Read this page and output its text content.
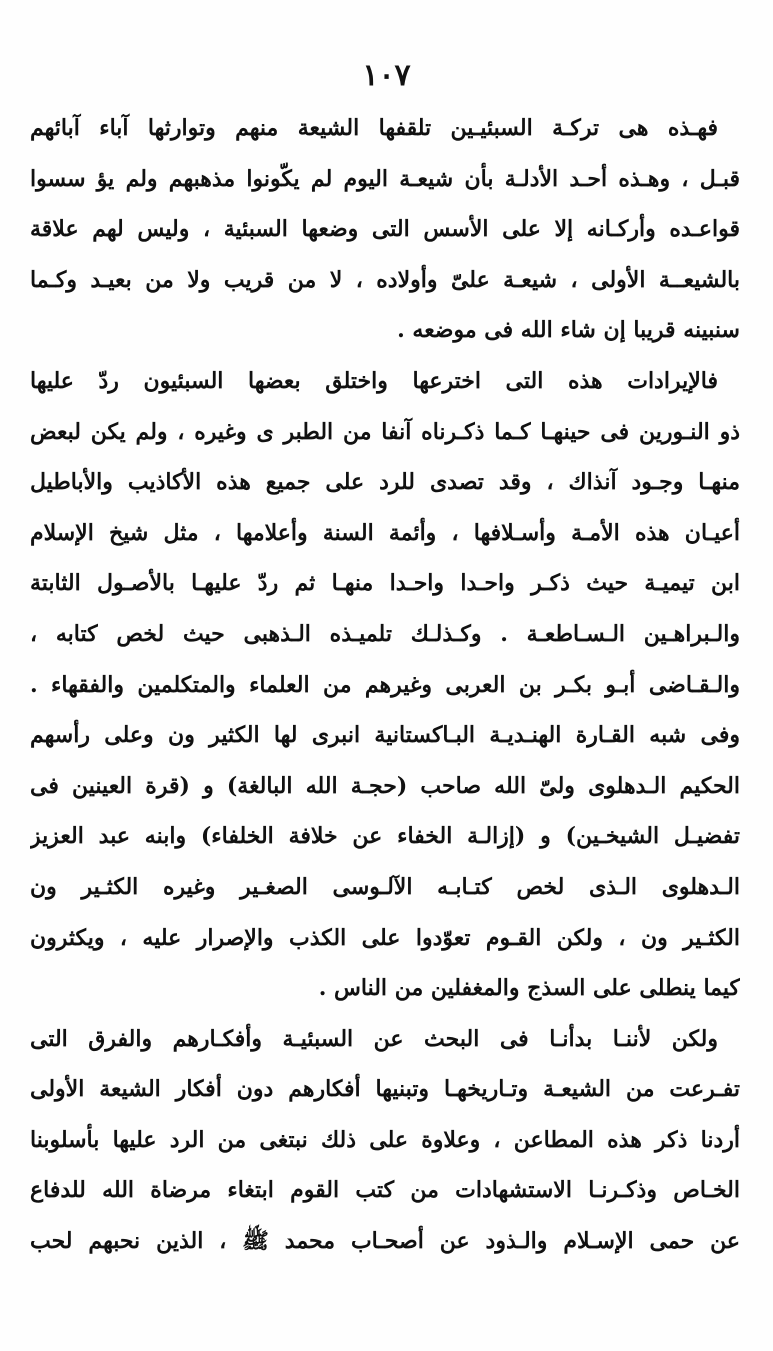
١٠٧
فهـذه هى تركـة السبئيـين تلقفها الشيعة منهم وتوارثها آباء آبائهم
قبـل ، وهـذه أحـد الأدلـة بأن شيعـة اليوم لم يكّونوا مذهبهم ولم يؤ سسوا
قواعـده وأركـانه إلا على الأسس التى وضعها السبئية ، وليس لهم علاقة
بالشيعــة الأولى ، شيعـة علىّ وأولاده ، لا من قريب ولا من بعيـد وكـما
سنبينه قريبا إن شاء الله فى موضعه .
فالإيرادات هذه التى اخترعها واختلق بعضها السبئيون ردّ عليها
ذو النـورين فى حينهـا كـما ذكـرناه آنفا من الطبر ى وغيره ، ولم يكن لبعض
منهـا وجـود آنذاك ، وقد تصدى للرد على جميع هذه الأكاذيب والأباطيل
أعيـان هذه الأمـة وأسـلافها ، وأئمة السنة وأعلامها ، مثل شيخ الإسلام
ابن تيميـة حيث ذكـر واحـدا واحـدا منهـا ثم ردّ عليهـا بالأصـول الثابتة
والـبراهـين الـسـاطعـة . وكـذلـك تلميـذه الـذهبى حيث لخص كتابه ،
والـقـاضى أبـو بكـر بن العربى وغيرهم من العلماء والمتكلمين والفقهاء .
وفى شبه القـارة الهنـديـة البـاكستانية انبرى لها الكثير ون وعلى رأسهم
الحكيم الـدهلوى ولىّ الله صاحب (حجـة الله البالغة) و (قرة العينين فى
تفضيـل الشيخـين) و (إزالـة الخفاء عن خلافة الخلفاء) وابنه عبد العزيز
الـدهلوى الـذى لخص كتـابـه الآلـوسى الصغـير وغيره الكثـير ون
الكثـير ون ، ولكن القـوم تعوّدوا على الكذب والإصرار عليه ، ويكثرون
كيما ينطلى على السذج والمغفلين من الناس .
ولكن لأننـا بدأنـا فى البحث عن السبئيـة وأفكـارهم والفرق التى
تفـرعت من الشيعـة وتـاريخهـا وتبنيها أفكارهم دون أفكار الشيعة الأولى
أردنا ذكر هذه المطاعن ، وعلاوة على ذلك نبتغى من الرد عليها بأسلوبنا
الخـاص وذكـرنـا الاستشهادات من كتب القوم ابتغاء مرضاة الله للدفاع
عن حمى الإسـلام والـذود عن أصحـاب محمد ﷺ ، الذين نحبهم لحب
